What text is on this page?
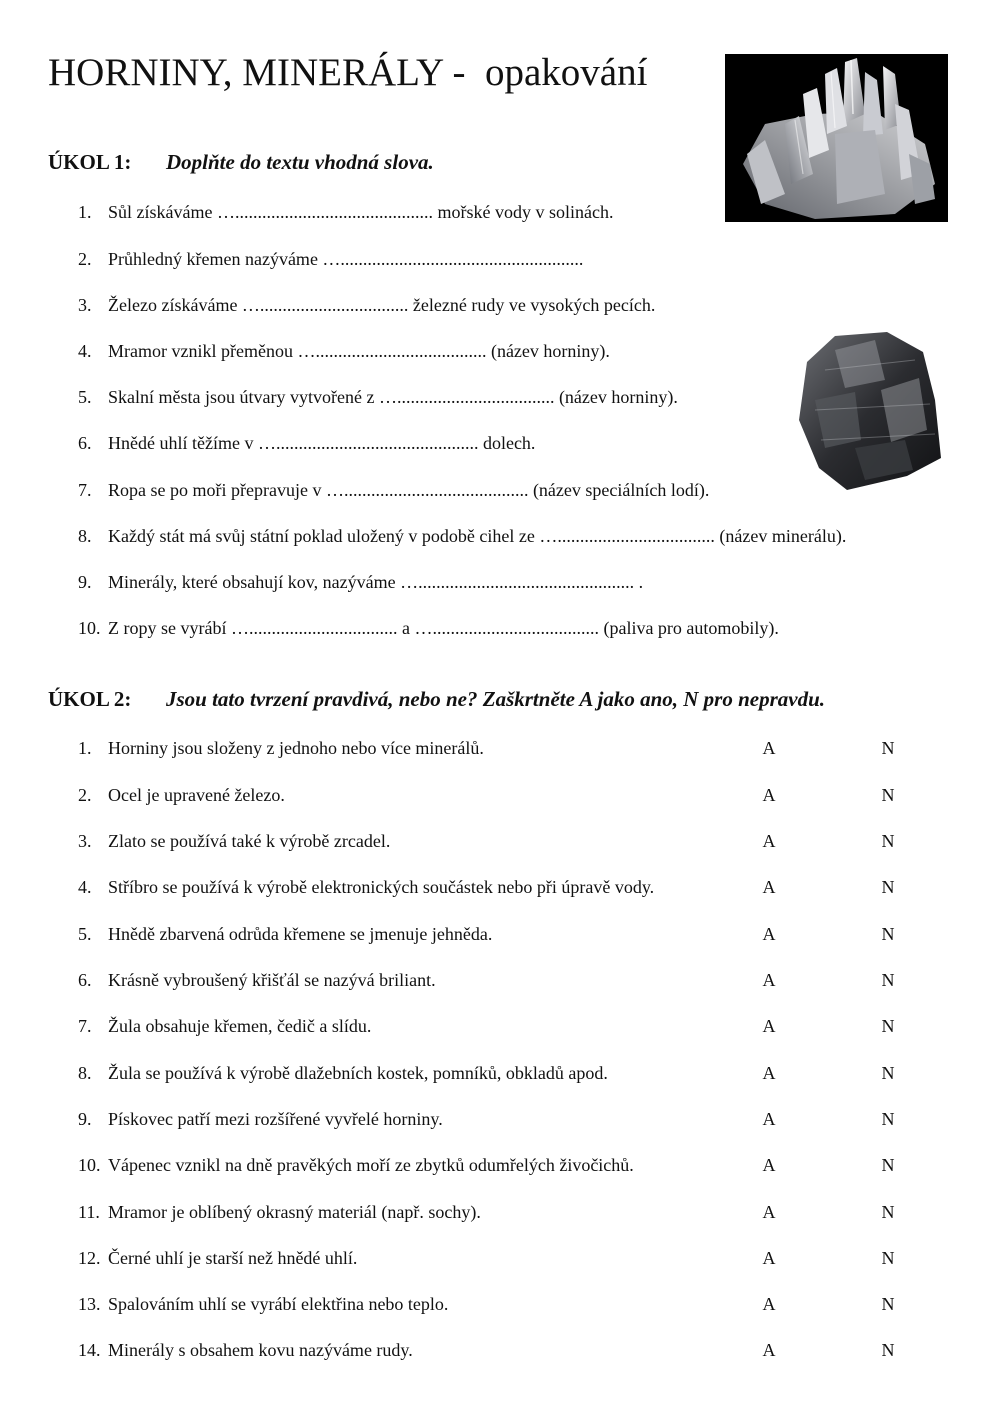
HORNINY, MINERÁLY -  opakování
ÚKOL 1: Doplňte do textu vhodná slova.
1. Sůl získáváme …............................................ mořské vody v solinách.
2. Průhledný křemen nazýváme …......................................................
3. Železo získáváme …................................. železné rudy ve vysokých pecích.
4. Mramor vznikl přeměnou …...................................... (název horniny).
5. Skalní města jsou útvary vytvořené z …................................... (název horniny).
6. Hnědé uhlí těžíme v …............................................. dolech.
7. Ropa se po moři přepravuje v …......................................... (název speciálních lodí).
8. Každý stát má svůj státní poklad uložený v podobě cihel ze …................................... (název minerálu).
9. Minerály, které obsahují kov, nazýváme …................................................ .
10. Z ropy se vyrábí …................................. a …..................................... (paliva pro automobily).
ÚKOL 2: Jsou tato tvrzení pravdivá, nebo ne? Zaškrtněte A jako ano, N pro nepravdu.
1. Horniny jsou složeny z jednoho nebo více minerálů.	A	N
2. Ocel je upravené železo.	A	N
3. Zlato se používá také k výrobě zrcadel.	A	N
4. Stříbro se používá k výrobě elektronických součástek nebo při úpravě vody.	A	N
5. Hnědě zbarvená odrůda křemene se jmenuje jehněda.	A	N
6. Krásně vybroušený křišťál se nazývá briliant.	A	N
7. Žula obsahuje křemen, čedič a slídu.	A	N
8. Žula se používá k výrobě dlažebních kostek, pomníků, obkladů apod.	A	N
9. Pískovec patří mezi rozšířené vyvřelé horniny.	A	N
10. Vápenec vznikl na dně pravěkých moří ze zbytků odumřelých živočichů.	A	N
11. Mramor je oblíbený okrasný materiál (např. sochy).	A	N
12. Černé uhlí je starší než hnědé uhlí.	A	N
13. Spalováním uhlí se vyrábí elektřina nebo teplo.	A	N
14. Minerály s obsahem kovu nazýváme rudy.	A	N
